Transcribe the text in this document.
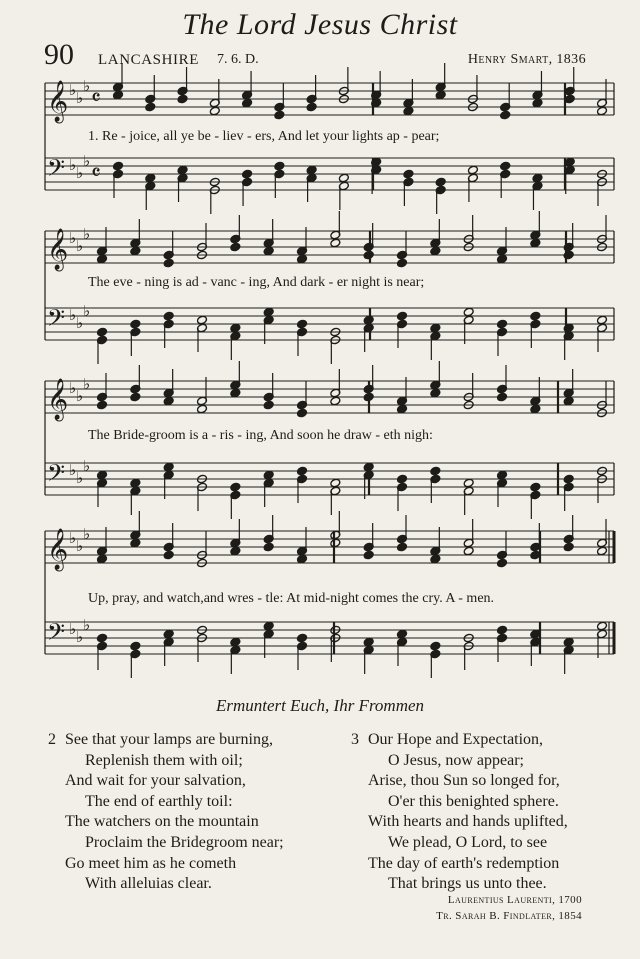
The Lord Jesus Christ
90 LANCASHIRE 7. 6. D.	Henry Smart, 1836
𝄞 ♭ ♭
♭ 𝄴
𝄢 ♭ ♭
♭ 𝄴
𝄞 ♭ ♭
♭
𝄢 ♭ ♭
♭
𝄞 ♭ ♭
♭
𝄢 ♭ ♭
♭
𝄞 ♭ ♭
♭
𝄢 ♭ ♭
♭
1. Re - joice, all ye be - liev - ers, And let your lights ap - pear;
The eve - ning is ad - vanc - ing, And dark - er night is near;
The Bride-groom is a - ris - ing, And soon he draw - eth nigh:
Up, pray, and watch,and wres - tle: At mid-night comes the cry. A - men.
Ermuntert Euch, Ihr Frommen
2 See that your lamps are burning,
Replenish them with oil;
And wait for your salvation,
The end of earthly toil:
The watchers on the mountain
Proclaim the Bridegroom near;
Go meet him as he cometh
With alleluias clear.
3 Our Hope and Expectation,
O Jesus, now appear;
Arise, thou Sun so longed for,
O'er this benighted sphere.
With hearts and hands uplifted,
We plead, O Lord, to see
The day of earth's redemption
That brings us unto thee.
Laurentius Laurenti, 1700
Tr. Sarah B. Findlater, 1854
